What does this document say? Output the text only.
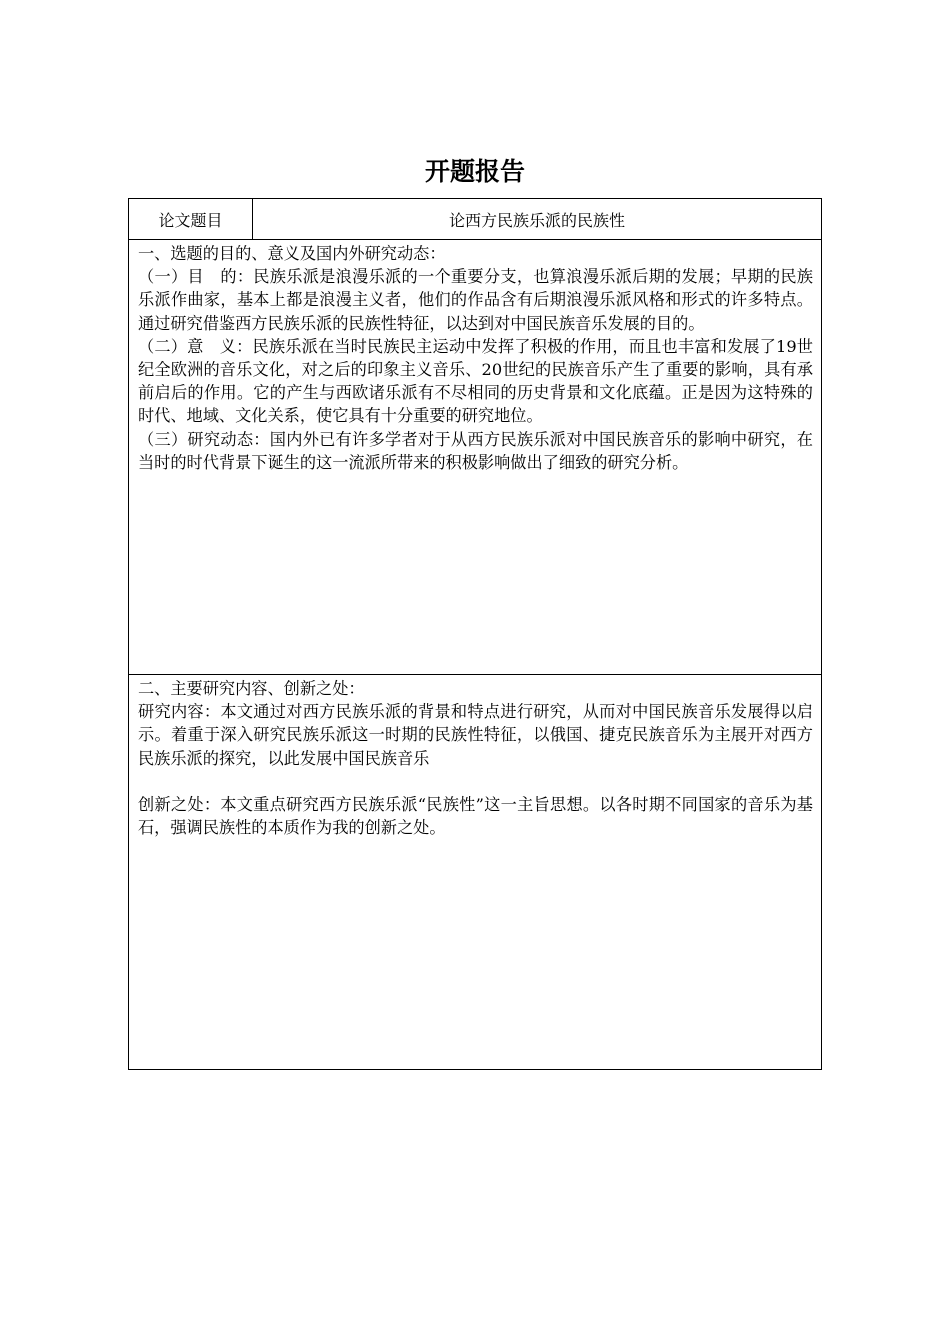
开题报告
论文题目	论西方民族乐派的民族性

一、选题的目的、意义及国内外研究动态：

（一）目　的：民族乐派是浪漫乐派的一个重要分支，也算浪漫乐派后期的发展；早期的民族乐派作曲家，基本上都是浪漫主义者，他们的作品含有后期浪漫乐派风格和形式的许多特点。通过研究借鉴西方民族乐派的民族性特征，以达到对中国民族音乐发展的目的。

（二）意　义：民族乐派在当时民族民主运动中发挥了积极的作用，而且也丰富和发展了19世纪全欧洲的音乐文化，对之后的印象主义音乐、20世纪的民族音乐产生了重要的影响，具有承前启后的作用。它的产生与西欧诸乐派有不尽相同的历史背景和文化底蕴。正是因为这特殊的时代、地域、文化关系，使它具有十分重要的研究地位。

（三）研究动态：国内外已有许多学者对于从西方民族乐派对中国民族音乐的影响中研究，在当时的时代背景下诞生的这一流派所带来的积极影响做出了细致的研究分析。

二、主要研究内容、创新之处：

研究内容：本文通过对西方民族乐派的背景和特点进行研究，从而对中国民族音乐发展得以启示。着重于深入研究民族乐派这一时期的民族性特征，以俄国、捷克民族音乐为主展开对西方民族乐派的探究，以此发展中国民族音乐

创新之处：本文重点研究西方民族乐派“民族性”这一主旨思想。以各时期不同国家的音乐为基石，强调民族性的本质作为我的创新之处。
